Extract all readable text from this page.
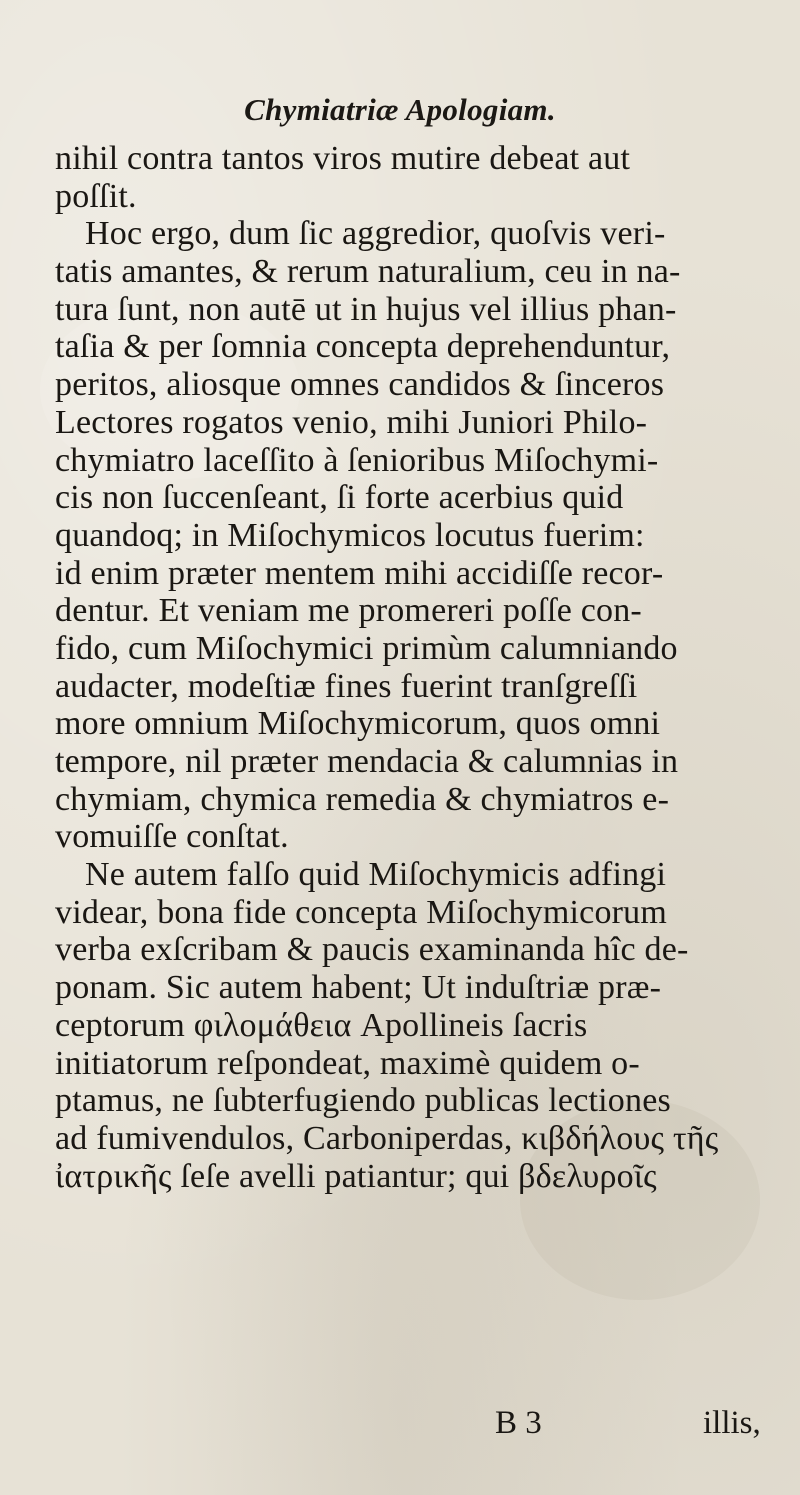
Chymiatriæ Apologiam.
nihil contra tantos viros mutire debeat aut
poſſit.
Hoc ergo, dum ſic aggredior, quoſvis veri-
tatis amantes, & rerum naturalium, ceu in na-
tura ſunt, non autē ut in hujus vel illius phan-
taſia & per ſomnia concepta deprehenduntur,
peritos, aliosque omnes candidos & ſinceros
Lectores rogatos venio, mihi Juniori Philo-
chymiatro laceſſito à ſenioribus Miſochymi-
cis non ſuccenſeant, ſi forte acerbius quid
quandoq; in Miſochymicos locutus fuerim:
id enim præter mentem mihi accidiſſe recor-
dentur. Et veniam me promereri poſſe con-
fido, cum Miſochymici primùm calumniando
audacter, modeſtiæ fines fuerint tranſgreſſi
more omnium Miſochymicorum, quos omni
tempore, nil præter mendacia & calumnias in
chymiam, chymica remedia & chymiatros e-
vomuiſſe conſtat.
Ne autem falſo quid Miſochymicis adfingi
videar, bona fide concepta Miſochymicorum
verba exſcribam & paucis examinanda hîc de-
ponam. Sic autem habent; Ut induſtriæ præ-
ceptorum φιλομάθεια Apollineis ſacris
initiatorum reſpondeat, maximè quidem o-
ptamus, ne ſubterfugiendo publicas lectiones
ad fumivendulos, Carboniperdas, κιβδήλους τῆς
ἰατρικῆς ſeſe avelli patiantur; qui βδελυροῖς
B 3	illis,
